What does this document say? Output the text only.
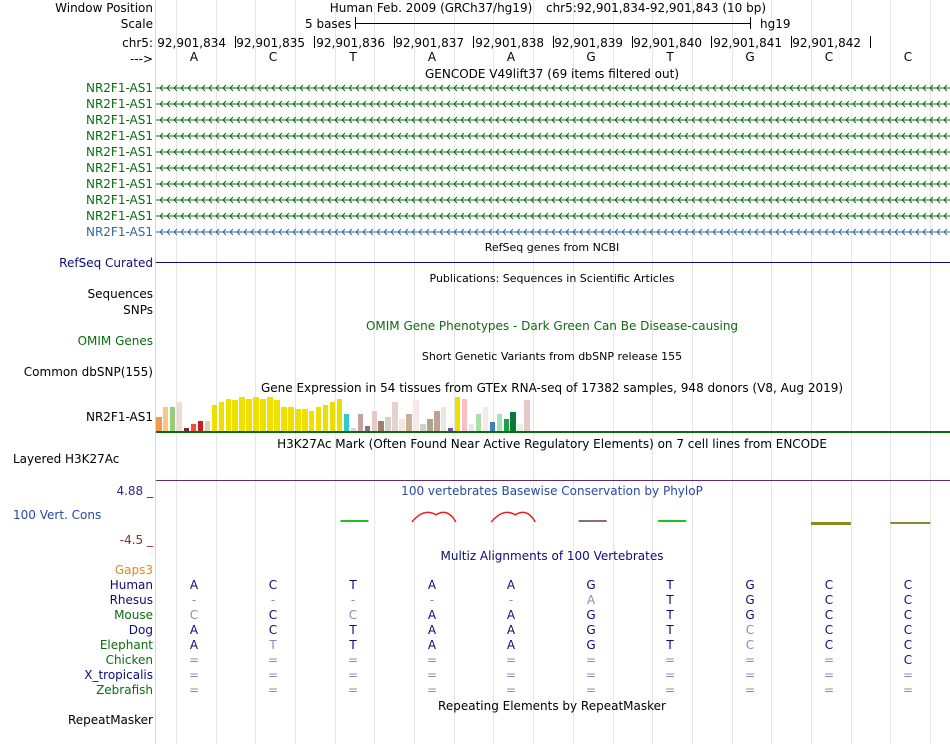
Window Position	Human Feb. 2009 (GRCh37/hg19) chr5:92,901,834-92,901,843 (10 bp)
Scale	5 bases	hg19
chr5: 92,901,834 92,901,835 92,901,836 92,901,837 92,901,838 92,901,839 92,901,840 92,901,841 92,901,842
--->	A	C	T	A	A	G	T	G	C	C
GENCODE V49lift37 (69 items filtered out)
NR2F1-AS1
NR2F1-AS1
NR2F1-AS1
NR2F1-AS1
NR2F1-AS1
NR2F1-AS1
NR2F1-AS1
NR2F1-AS1
NR2F1-AS1
NR2F1-AS1
RefSeq genes from NCBI
RefSeq Curated
Publications: Sequences in Scientific Articles
Sequences
SNPs
OMIM Gene Phenotypes - Dark Green Can Be Disease-causing
OMIM Genes
Short Genetic Variants from dbSNP release 155
Common dbSNP(155)
Gene Expression in 54 tissues from GTEx RNA-seq of 17382 samples, 948 donors (V8, Aug 2019)
NR2F1-AS1
H3K27Ac Mark (Often Found Near Active Regulatory Elements) on 7 cell lines from ENCODE
Layered H3K27Ac
100 vertebrates Basewise Conservation by PhyloP
4.88 _
100 Vert. Cons
-4.5 _
Multiz Alignments of 100 Vertebrates
Gaps3
Human	A	C	T	A	A	G	T	G	C	C
Rhesus	-	-	-	-	-	A	T	G	C	C
Mouse	C	C	C	A	A	G	T	G	C	C
Dog	A	C	T	A	A	G	T	C	C	C
Elephant	A	T	T	A	A	G	T	C	C	C
Chicken	=	=	=	=	=	=	=	=	=	C
X_tropicalis	=	=	=	=	=	=	=	=	=	=
Zebrafish	=	=	=	=	=	=	=	=	=	=
Repeating Elements by RepeatMasker
RepeatMasker
